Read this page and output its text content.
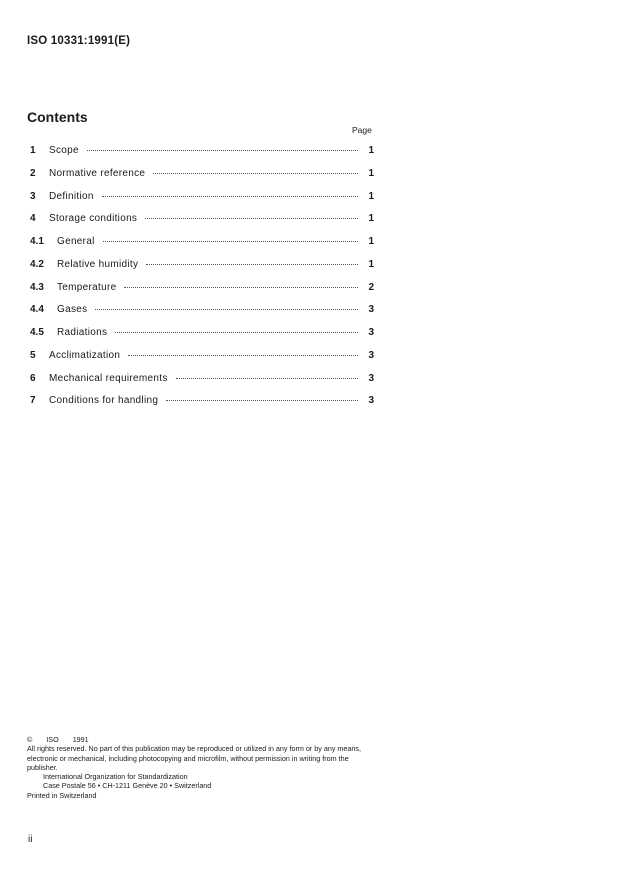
ISO 10331:1991(E)
Contents
Page
1	Scope	1
2	Normative reference	1
3	Definition	1
4	Storage conditions	1
4.1	General	1
4.2	Relative humidity	1
4.3	Temperature	2
4.4	Gases	3
4.5	Radiations	3
5	Acclimatization	3
6	Mechanical requirements	3
7	Conditions for handling	3

© ISO 1991

All rights reserved. No part of this publication may be reproduced or utilized in any form or by any means, electronic or mechanical, including photocopying and microfilm, without permission in writing from the publisher.

International Organization for Standardization

Case Postale 56 • CH-1211 Genève 20 • Switzerland

Printed in Switzerland

ii
